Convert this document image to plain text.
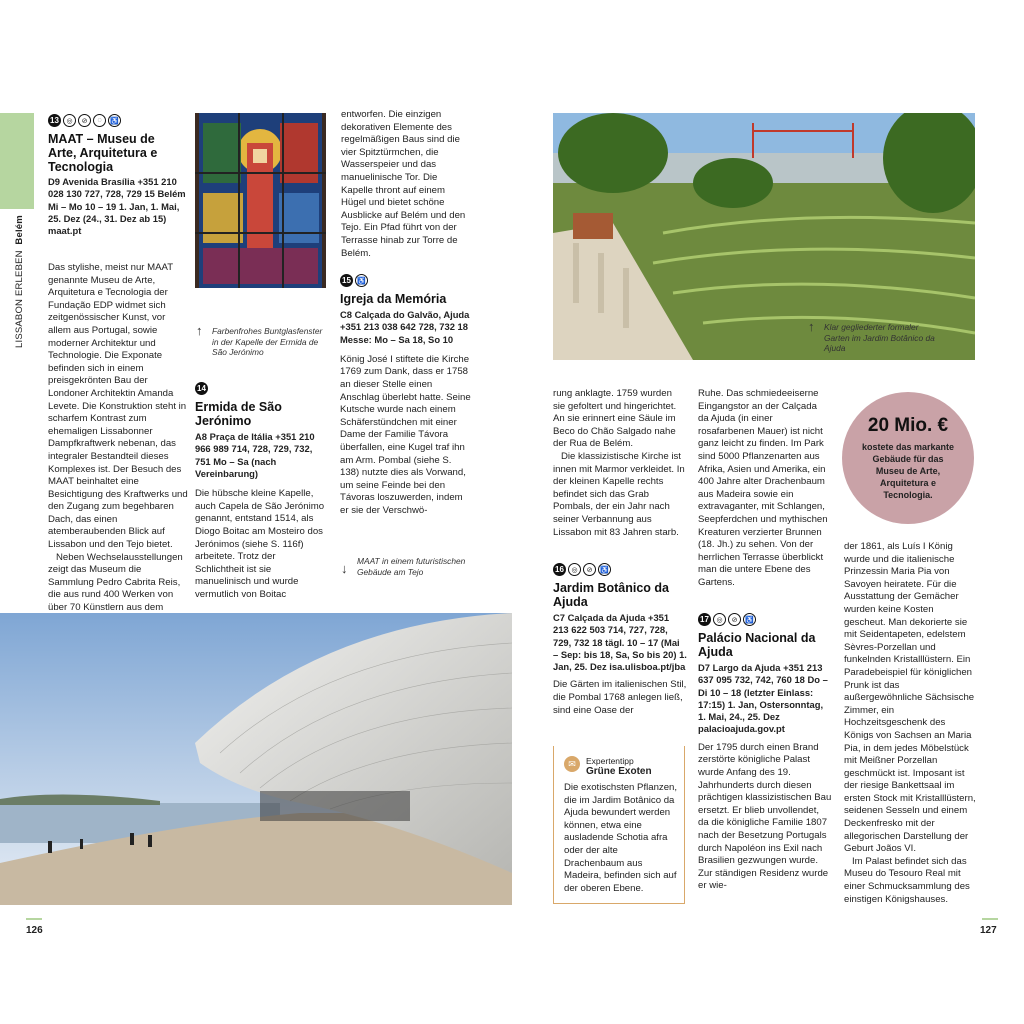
LISSABON ERLEBEN  Belém
13 ◎ ⊘ ◌ ♿
MAAT – Museu de Arte, Arquitetura e Tecnologia
D9 Avenida Brasília +351 210 028 130 727, 728, 729 15 Belém Mi – Mo 10 – 19 1. Jan, 1. Mai, 25. Dez (24., 31. Dez ab 15) maat.pt

Das stylishe, meist nur MAAT genannte Museu de Arte, Arquitetura e Tecnologia der Fundação EDP widmet sich zeitgenössischer Kunst, vor allem aus Portugal, sowie moderner Architektur und Technologie. Die Exponate befinden sich in einem preisgekrönten Bau der Londoner Architektin Amanda Levete. Die Konstruktion steht in scharfem Kontrast zum ehemaligen Lissabonner Dampfkraftwerk nebenan, das integraler Bestandteil dieses Komplexes ist. Der Besuch des MAAT beinhaltet eine Besichtigung des Kraftwerks und den Zugang zum begehbaren Dach, das einen atemberaubenden Blick auf Lissabon und den Tejo bietet.

Neben Wechselausstellungen zeigt das Museum die Sammlung Pedro Cabrita Reis, die aus rund 400 Werken von über 70 Künstlern aus dem

↑ Farbenfrohes Buntglasfenster in der Kapelle der Ermida de São Jerónimo
14
Ermida de São Jerónimo
A8 Praça de Itália +351 210 966 989 714, 728, 729, 732, 751 Mo – Sa (nach Vereinbarung)
Die hübsche kleine Kapelle, auch Capela de São Jerónimo genannt, entstand 1514, als Diogo Boitac am Mosteiro dos Jerónimos (siehe S. 116f) arbeitete. Trotz der Schlichtheit ist sie manuelinisch und wurde vermutlich von Boitac
entworfen. Die einzigen dekorativen Elemente des regelmäßigen Baus sind die vier Spitztürmchen, die Wasserspeier und das manuelinische Tor. Die Kapelle thront auf einem Hügel und bietet schöne Ausblicke auf Belém und den Tejo. Ein Pfad führt von der Terrasse hinab zur Torre de Belém.
15 ♿
Igreja da Memória
C8 Calçada do Galvão, Ajuda +351 213 038 642 728, 732 18 Messe: Mo – Sa 18, So 10
König José I stiftete die Kirche 1769 zum Dank, dass er 1758 an dieser Stelle einen Anschlag überlebt hatte. Seine Kutsche wurde nach einem Schäferstündchen mit einer Dame der Familie Távora überfallen, eine Kugel traf ihn am Arm. Pombal (siehe S. 138) nutzte dies als Vorwand, um seine Feinde bei den Távoras loszuwerden, indem er sie der Verschwö-
↓ MAAT in einem futuristischen Gebäude am Tejo
126
↑ Klar gegliederter formaler Garten im Jardim Botânico da Ajuda

rung anklagte. 1759 wurden sie gefoltert und hingerichtet. An sie erinnert eine Säule im Beco do Chão Salgado nahe der Rua de Belém.

Die klassizistische Kirche ist innen mit Marmor verkleidet. In der kleinen Kapelle rechts befindet sich das Grab Pombals, der ein Jahr nach seiner Verbannung aus Lissabon mit 83 Jahren starb.

16 ◎ ⊘ ♿
Jardim Botânico da Ajuda
C7 Calçada da Ajuda +351 213 622 503 714, 727, 728, 729, 732 18 tägl. 10 – 17 (Mai – Sep: bis 18, Sa, So bis 20) 1. Jan, 25. Dez isa.ulisboa.pt/jba
Die Gärten im italienischen Stil, die Pombal 1768 anlegen ließ, sind eine Oase der
✉	Expertentipp
Grüne Exoten
Die exotischsten Pflanzen, die im Jardim Botânico da Ajuda bewundert werden können, etwa eine ausladende Schotia afra oder der alte Drachenbaum aus Madeira, befinden sich auf der oberen Ebene.
Ruhe. Das schmiedeeiserne Eingangstor an der Calçada da Ajuda (in einer rosafarbenen Mauer) ist nicht ganz leicht zu finden. Im Park sind 5000 Pflanzenarten aus Afrika, Asien und Amerika, ein 400 Jahre alter Drachenbaum aus Madeira sowie ein extravaganter, mit Schlangen, Seepferdchen und mythischen Kreaturen verzierter Brunnen (18. Jh.) zu sehen. Von der herrlichen Terrasse überblickt man die untere Ebene des Gartens.
17 ◎ ⊘ ♿
Palácio Nacional da Ajuda
D7 Largo da Ajuda +351 213 637 095 732, 742, 760 18 Do – Di 10 – 18 (letzter Einlass: 17:15) 1. Jan, Ostersonntag, 1. Mai, 24., 25. Dez palacioajuda.gov.pt
Der 1795 durch einen Brand zerstörte königliche Palast wurde Anfang des 19. Jahrhunderts durch diesen prächtigen klassizistischen Bau ersetzt. Er blieb unvollendet, da die königliche Familie 1807 nach der Besetzung Portugals durch Napoléon ins Exil nach Brasilien gezwungen wurde. Zur ständigen Residenz wurde er wie-
20 Mio. €
kostete das markante Gebäude für das Museu de Arte, Arquitetura e Tecnologia.

der 1861, als Luís I König wurde und die italienische Prinzessin Maria Pia von Savoyen heiratete. Für die Ausstattung der Gemächer wurden keine Kosten gescheut. Man dekorierte sie mit Seidentapeten, edelstem Sèvres-Porzellan und funkelnden Kristalllüstern. Ein Paradebeispiel für königlichen Prunk ist das außergewöhnliche Sächsische Zimmer, ein Hochzeitsgeschenk des Königs von Sachsen an Maria Pia, in dem jedes Möbelstück mit Meißner Porzellan geschmückt ist. Imposant ist der riesige Bankettsaal im ersten Stock mit Kristalllüstern, seidenen Sesseln und einem Deckenfresko mit der allegorischen Darstellung der Geburt Joãos VI.

Im Palast befindet sich das Museu do Tesouro Real mit einer Schmucksammlung des einstigen Königshauses.

127
